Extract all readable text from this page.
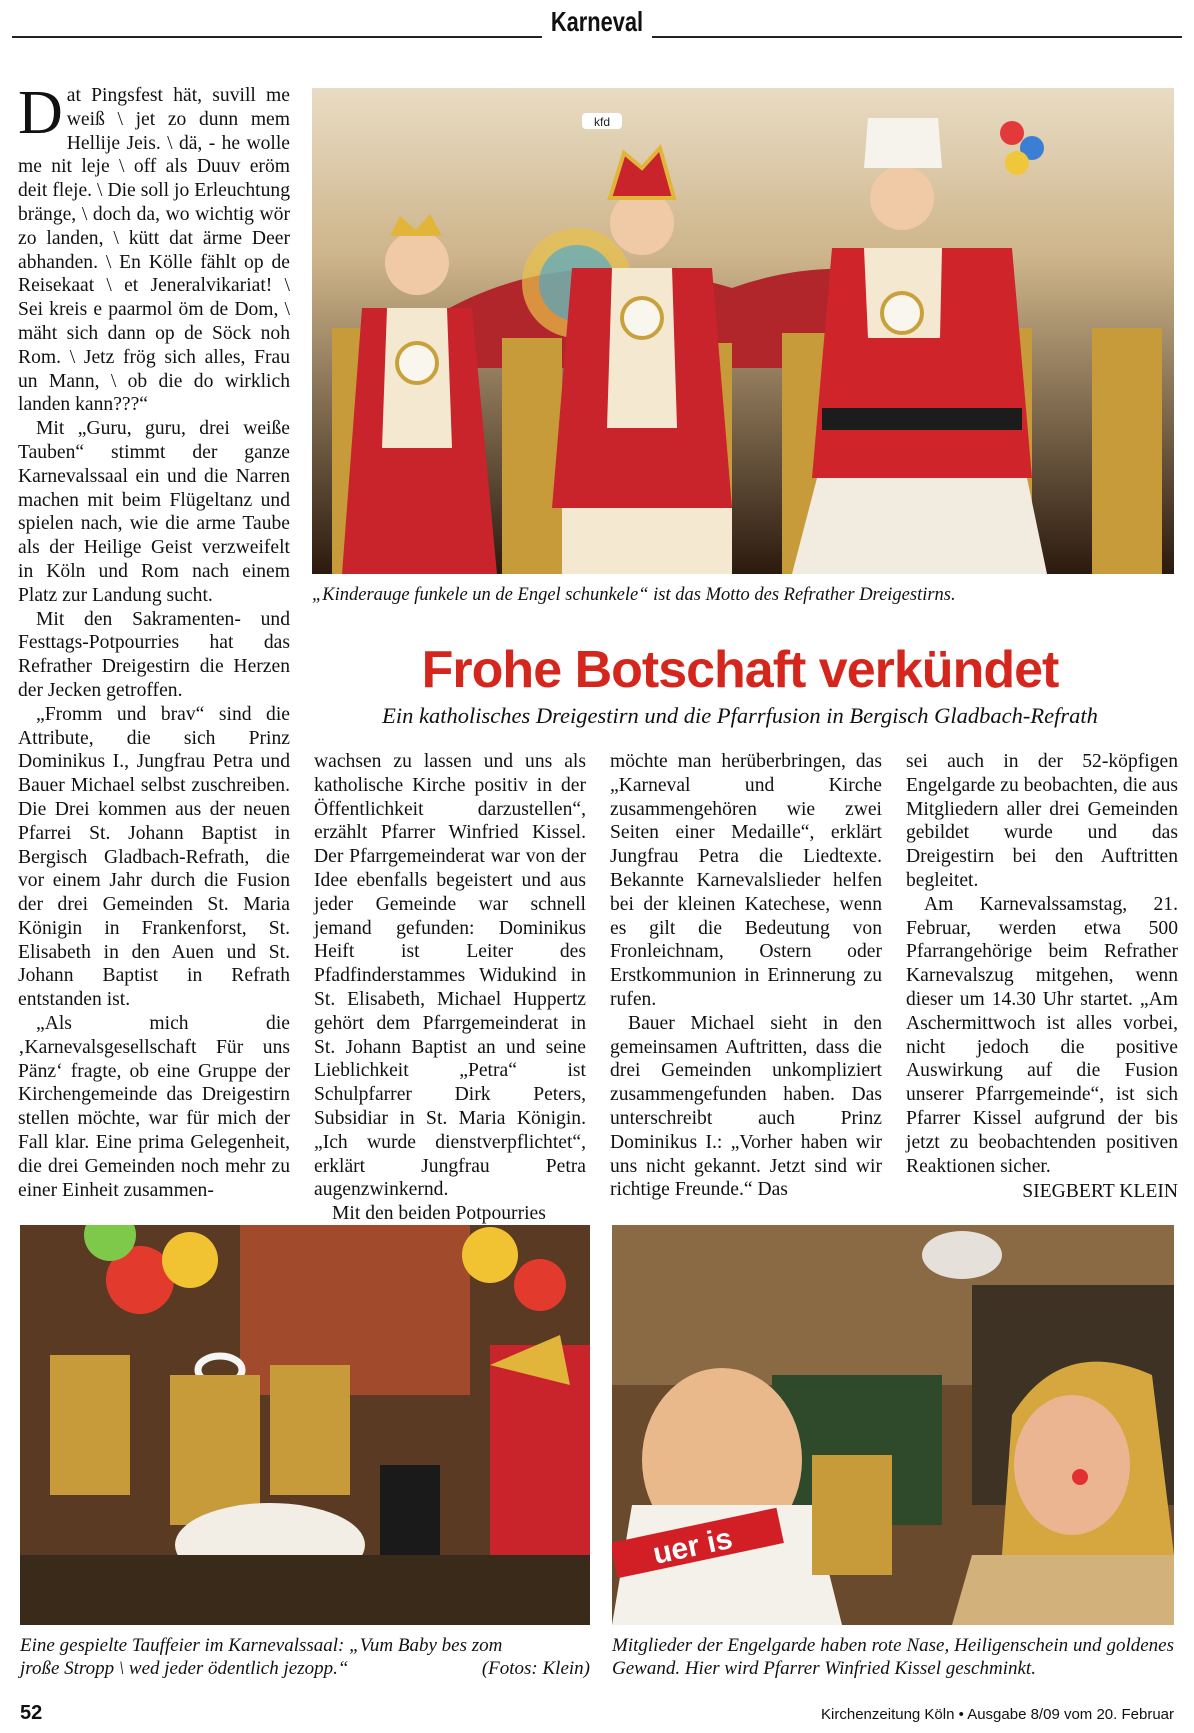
Karneval

Dat Pingsfest hät, suvill me weiß \ jet zo dunn mem Hellije Jeis. \ dä, - he wolle me nit leje \ off als Duuv eröm deit fleje. \ Die soll jo Erleuchtung bränge, \ doch da, wo wichtig wör zo landen, \ kütt dat ärme Deer abhanden. \ En Kölle fählt op de Reisekaat \ et Jeneralvikariat! \ Sei kreis e paarmol öm de Dom, \ mäht sich dann op de Söck noh Rom. \ Jetz frög sich alles, Frau un Mann, \ ob die do wirklich landen kann???“

Mit „Guru, guru, drei weiße Tauben“ stimmt der ganze Karnevalssaal ein und die Narren machen mit beim Flügeltanz und spielen nach, wie die arme Taube als der Heilige Geist verzweifelt in Köln und Rom nach einem Platz zur Landung sucht.

Mit den Sakramenten- und Festtags-Potpourries hat das Refrather Dreigestirn die Herzen der Jecken getroffen.

„Fromm und brav“ sind die Attribute, die sich Prinz Dominikus I., Jungfrau Petra und Bauer Michael selbst zuschreiben. Die Drei kommen aus der neuen Pfarrei St. Johann Baptist in Bergisch Gladbach-Refrath, die vor einem Jahr durch die Fusion der drei Gemeinden St. Maria Königin in Frankenforst, St. Elisabeth in den Auen und St. Johann Baptist in Refrath entstanden ist.

„Als mich die ‚Karnevalsgesellschaft Für uns Pänz‘ fragte, ob eine Gruppe der Kirchengemeinde das Dreigestirn stellen möchte, war für mich der Fall klar. Eine prima Gelegenheit, die drei Gemeinden noch mehr zu einer Einheit zusammen-

kfd
„Kinderauge funkele un de Engel schunkele“ ist das Motto des Refrather Dreigestirns.
Frohe Botschaft verkündet
Ein katholisches Dreigestirn und die Pfarrfusion in Bergisch Gladbach-Refrath

wachsen zu lassen und uns als katholische Kirche positiv in der Öffentlichkeit darzustellen“, erzählt Pfarrer Winfried Kissel. Der Pfarrgemeinderat war von der Idee ebenfalls begeistert und aus jeder Gemeinde war schnell jemand gefunden: Dominikus Heift ist Leiter des Pfadfinderstammes Widukind in St. Elisabeth, Michael Huppertz gehört dem Pfarrgemeinderat in St. Johann Baptist an und seine Lieblichkeit „Petra“ ist Schulpfarrer Dirk Peters, Subsidiar in St. Maria Königin. „Ich wurde dienstverpflichtet“, erklärt Jungfrau Petra augenzwinkernd.

Mit den beiden Potpourries

möchte man herüberbringen, das „Karneval und Kirche zusammengehören wie zwei Seiten einer Medaille“, erklärt Jungfrau Petra die Liedtexte. Bekannte Karnevalslieder helfen bei der kleinen Katechese, wenn es gilt die Bedeutung von Fronleichnam, Ostern oder Erstkommunion in Erinnerung zu rufen.

Bauer Michael sieht in den gemeinsamen Auftritten, dass die drei Gemeinden unkompliziert zusammengefunden haben. Das unterschreibt auch Prinz Dominikus I.: „Vorher haben wir uns nicht gekannt. Jetzt sind wir richtige Freunde.“ Das

sei auch in der 52-köpfigen Engelgarde zu beobachten, die aus Mitgliedern aller drei Gemeinden gebildet wurde und das Dreigestirn bei den Auftritten begleitet.

Am Karnevalssamstag, 21. Februar, werden etwa 500 Pfarrangehörige beim Refrather Karnevalszug mitgehen, wenn dieser um 14.30 Uhr startet. „Am Aschermittwoch ist alles vorbei, nicht jedoch die positive Auswirkung auf die Fusion unserer Pfarrgemeinde“, ist sich Pfarrer Kissel aufgrund der bis jetzt zu beobachtenden positiven Reaktionen sicher.

SIEGBERT KLEIN
uer is
Eine gespielte Tauffeier im Karnevalssaal: „Vum Baby bes zom
jroße Stropp \ wed jeder ödentlich jezopp.“	(Fotos: Klein)
Mitglieder der Engelgarde haben rote Nase, Heiligenschein und goldenes Gewand. Hier wird Pfarrer Winfried Kissel geschminkt.
52	Kirchenzeitung Köln • Ausgabe 8/09 vom 20. Februar
